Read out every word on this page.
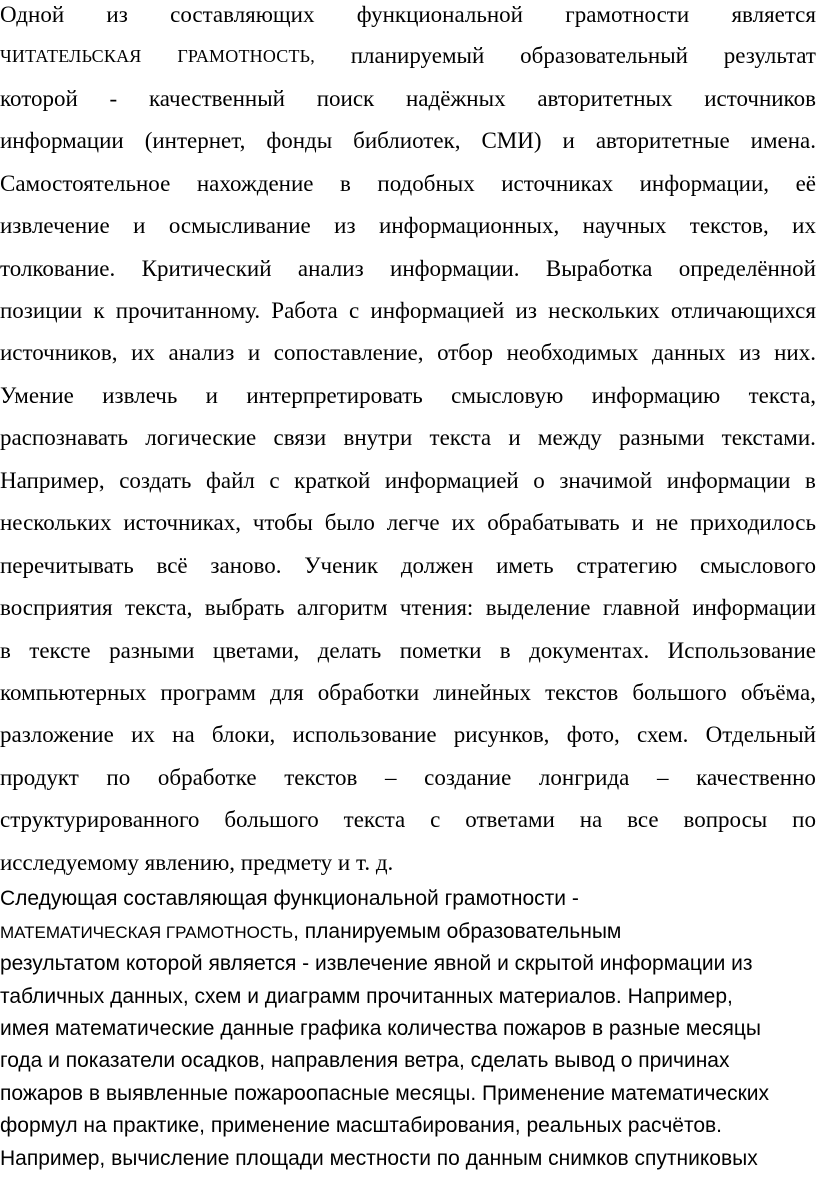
Одной из составляющих функциональной грамотности является
ЧИТАТЕЛЬСКАЯ ГРАМОТНОСТЬ, планируемый образовательный результат
которой - качественный поиск надёжных авторитетных источников
информации (интернет, фонды библиотек, СМИ) и авторитетные имена.
Самостоятельное нахождение в подобных источниках информации, её
извлечение и осмысливание из информационных, научных текстов, их
толкование. Критический анализ информации. Выработка определённой
позиции к прочитанному. Работа с информацией из нескольких отличающихся
источников, их анализ и сопоставление, отбор необходимых данных из них.
Умение извлечь и интерпретировать смысловую информацию текста,
распознавать логические связи внутри текста и между разными текстами.
Например, создать файл с краткой информацией о значимой информации в
нескольких источниках, чтобы было легче их обрабатывать и не приходилось
перечитывать всё заново. Ученик должен иметь стратегию смыслового
восприятия текста, выбрать алгоритм чтения: выделение главной информации
в тексте разными цветами, делать пометки в документах. Использование
компьютерных программ для обработки линейных текстов большого объёма,
разложение их на блоки, использование рисунков, фото, схем. Отдельный
продукт по обработке текстов – создание лонгрида – качественно
структурированного большого текста с ответами на все вопросы по
исследуемому явлению, предмету и т. д.
Следующая составляющая функциональной грамотности -
МАТЕМАТИЧЕСКАЯ ГРАМОТНОСТЬ, планируемым образовательным
результатом которой является - извлечение явной и скрытой информации из
табличных данных, схем и диаграмм прочитанных материалов. Например,
имея математические данные графика количества пожаров в разные месяцы
года и показатели осадков, направления ветра, сделать вывод о причинах
пожаров в выявленные пожароопасные месяцы. Применение математических
формул на практике, применение масштабирования, реальных расчётов.
Например, вычисление площади местности по данным снимков спутниковых
